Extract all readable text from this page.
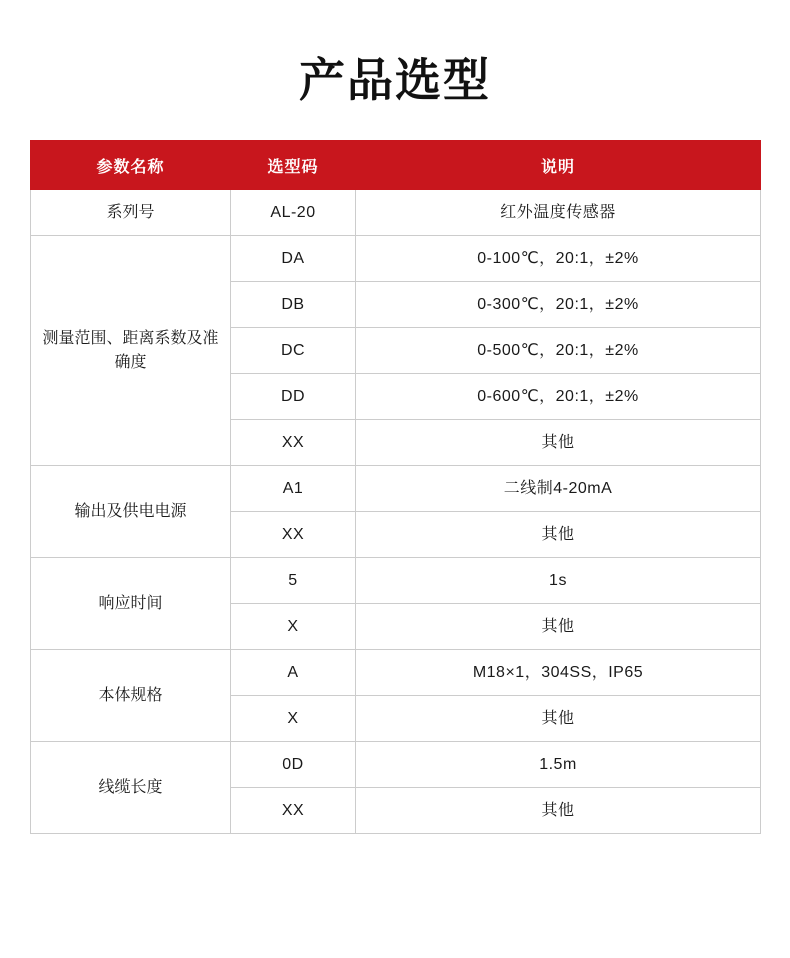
产品选型
参数名称	选型码	说明
系列号	AL-20	红外温度传感器
测量范围、距离系数及准确度	DA	0-100℃，20:1，±2%
	DB	0-300℃，20:1，±2%
	DC	0-500℃，20:1，±2%
	DD	0-600℃，20:1，±2%
	XX	其他
输出及供电电源	A1	二线制4-20mA
	XX	其他
响应时间	5	1s
	X	其他
本体规格	A	M18×1，304SS，IP65
	X	其他
线缆长度	0D	1.5m
	XX	其他
